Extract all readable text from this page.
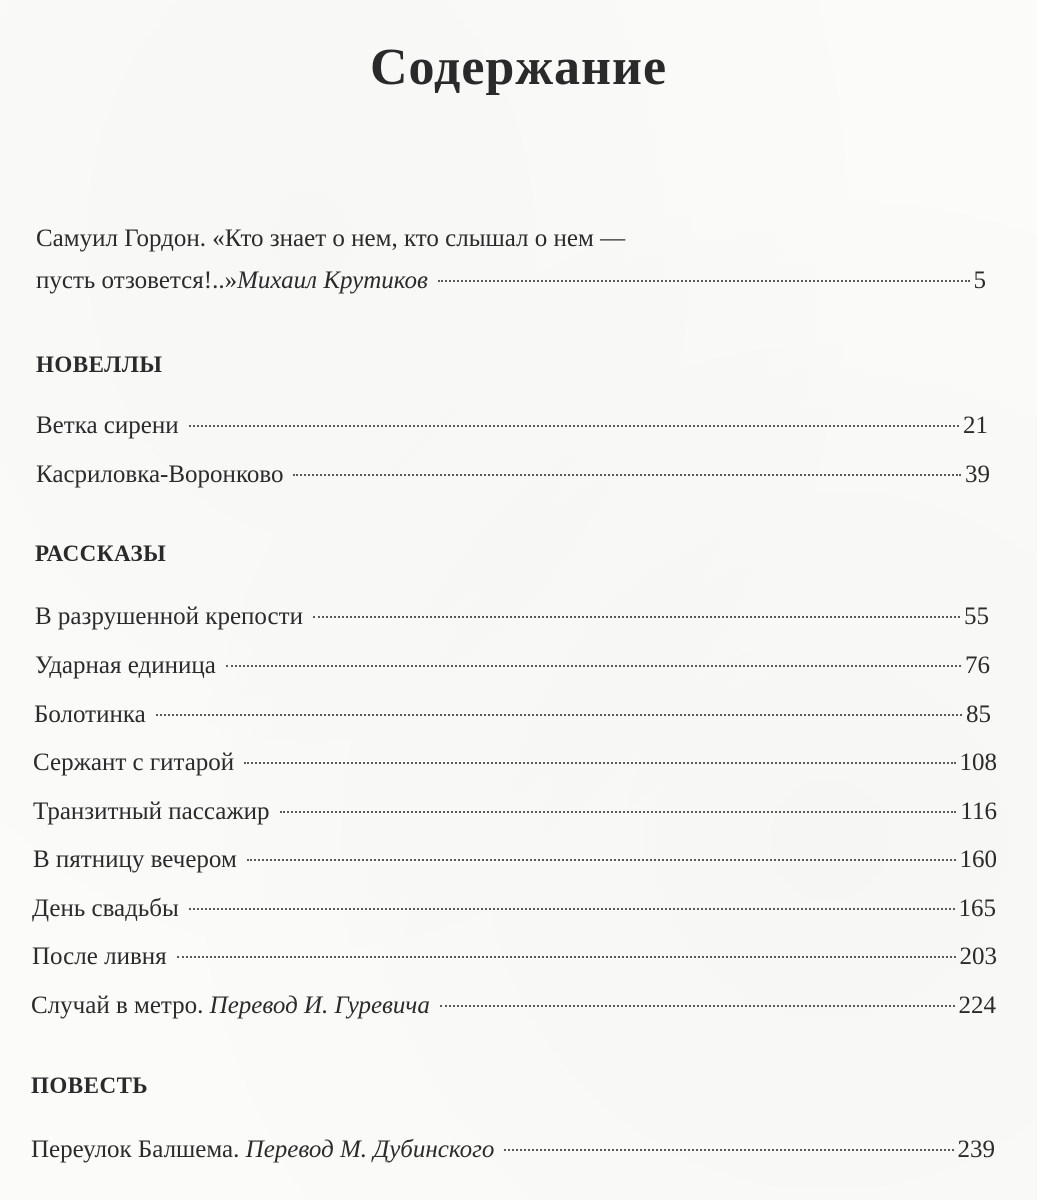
Содержание
Самуил Гордон. «Кто знает о нем, кто слышал о нем —
пусть отзовется!..» Михаил Крутиков	5
НОВЕЛЛЫ
Ветка сирени	21
Касриловка-Воронково	39
РАССКАЗЫ
В разрушенной крепости	55
Ударная единица	76
Болотинка	85
Сержант с гитарой	108
Транзитный пассажир	116
В пятницу вечером	160
День свадьбы	165
После ливня	203
Случай в метро. Перевод И. Гуревича	224
ПОВЕСТЬ
Переулок Балшема. Перевод М. Дубинского	239
